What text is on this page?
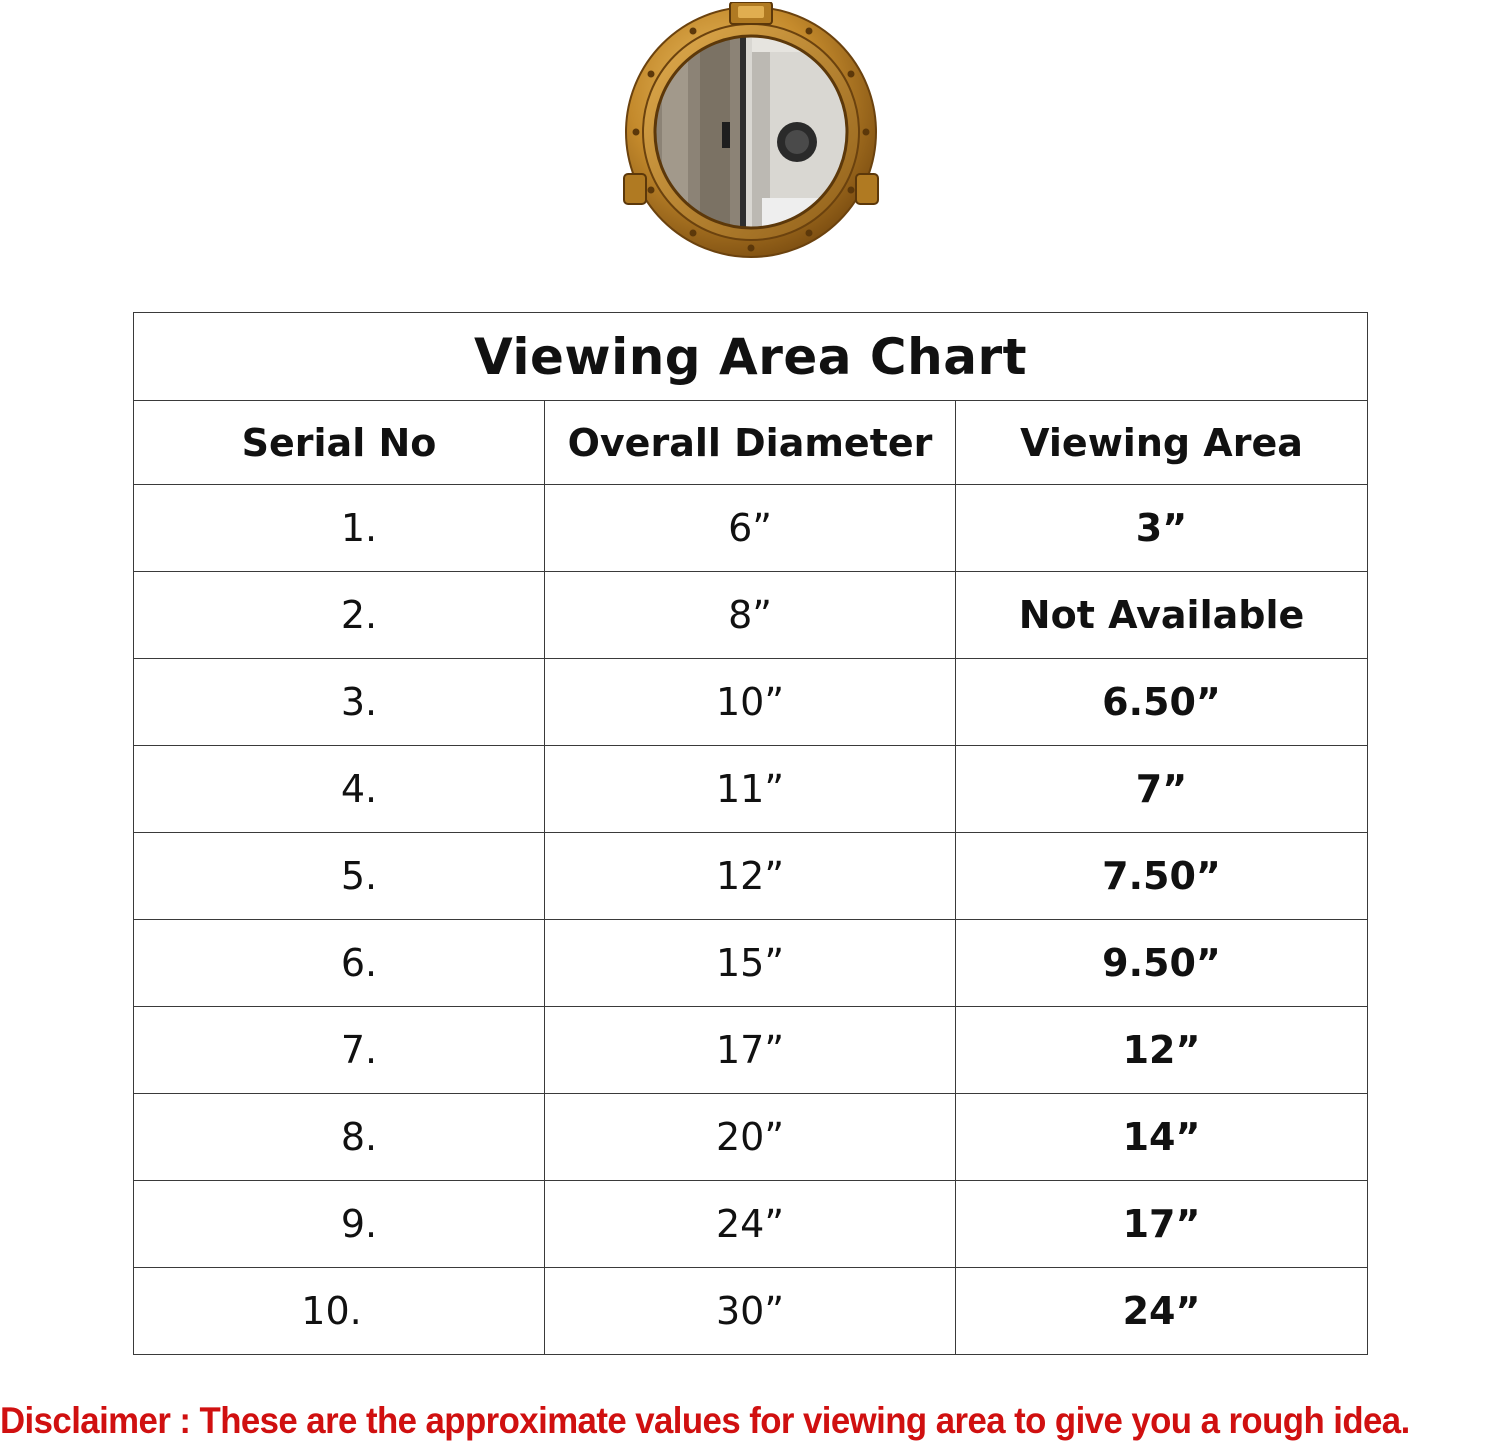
Viewing Area Chart		
Serial No	Overall Diameter	Viewing Area
1.	6”	3”
2.	8”	Not Available
3.	10”	6.50”
4.	11”	7”
5.	12”	7.50”
6.	15”	9.50”
7.	17”	12”
8.	20”	14”
9.	24”	17”
10.	30”	24”
Disclaimer : These are the approximate values for viewing area to give you a rough idea.
